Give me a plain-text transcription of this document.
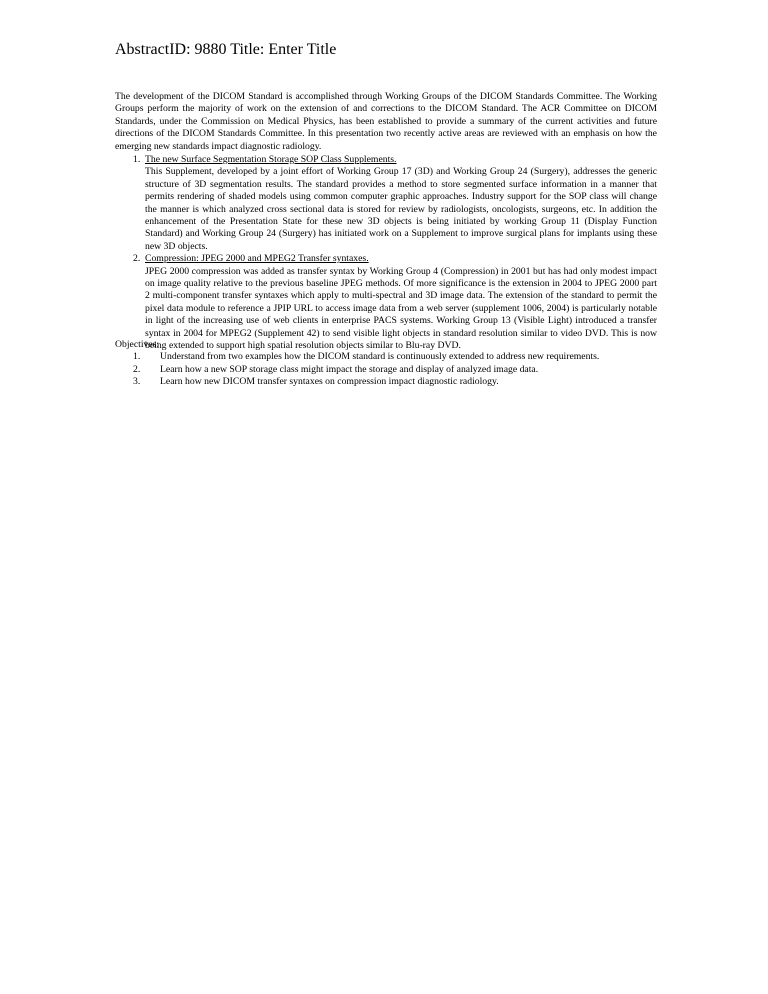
AbstractID: 9880 Title: Enter Title

The development of the DICOM Standard is accomplished through Working Groups of the DICOM Standards Committee. The Working Groups perform the majority of work on the extension of and corrections to the DICOM Standard. The ACR Committee on DICOM Standards, under the Commission on Medical Physics, has been established to provide a summary of the current activities and future directions of the DICOM Standards Committee. In this presentation two recently active areas are reviewed with an emphasis on how the emerging new standards impact diagnostic radiology.

1. The new Surface Segmentation Storage SOP Class Supplements.
This Supplement, developed by a joint effort of Working Group 17 (3D) and Working Group 24 (Surgery), addresses the generic structure of 3D segmentation results. The standard provides a method to store segmented surface information in a manner that permits rendering of shaded models using common computer graphic approaches. Industry support for the SOP class will change the manner is which analyzed cross sectional data is stored for review by radiologists, oncologists, surgeons, etc. In addition the enhancement of the Presentation State for these new 3D objects is being initiated by working Group 11 (Display Function Standard) and Working Group 24 (Surgery) has initiated work on a Supplement to improve surgical plans for implants using these new 3D objects.
2. Compression: JPEG 2000 and MPEG2 Transfer syntaxes.
JPEG 2000 compression was added as transfer syntax by Working Group 4 (Compression) in 2001 but has had only modest impact on image quality relative to the previous baseline JPEG methods. Of more significance is the extension in 2004 to JPEG 2000 part 2 multi-component transfer syntaxes which apply to multi-spectral and 3D image data. The extension of the standard to permit the pixel data module to reference a JPIP URL to access image data from a web server (supplement 1006, 2004) is particularly notable in light of the increasing use of web clients in enterprise PACS systems. Working Group 13 (Visible Light) introduced a transfer syntax in 2004 for MPEG2 (Supplement 42) to send visible light objects in standard resolution similar to video DVD. This is now being extended to support high spatial resolution objects similar to Blu-ray DVD.
Objectives:
1. Understand from two examples how the DICOM standard is continuously extended to address new requirements.
2. Learn how a new SOP storage class might impact the storage and display of analyzed image data.
3. Learn how new DICOM transfer syntaxes on compression impact diagnostic radiology.
